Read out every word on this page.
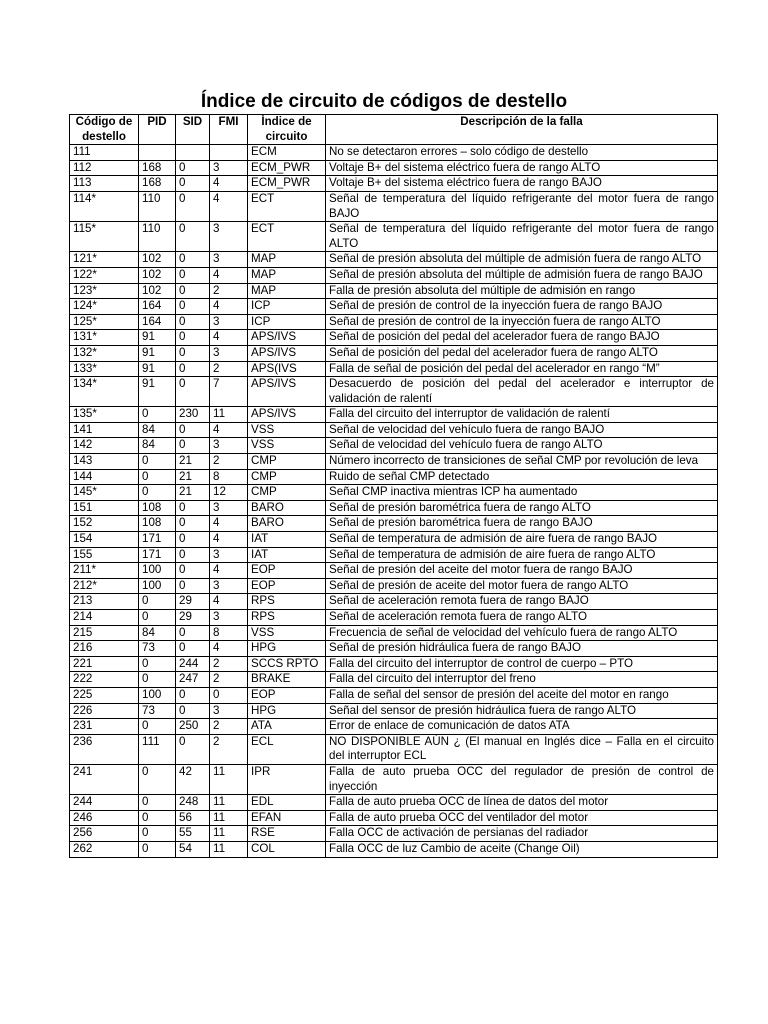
Índice de circuito de códigos de destello
Código de destello	PID	SID	FMI	Índice de circuito	Descripción de la falla
111				ECM	No se detectaron errores – solo código de destello
112	168	0	3	ECM_PWR	Voltaje B+ del sistema eléctrico fuera de rango ALTO
113	168	0	4	ECM_PWR	Voltaje B+ del sistema eléctrico fuera de rango BAJO
114*	110	0	4	ECT	Señal de temperatura del líquido refrigerante del motor fuera de rango BAJO
115*	110	0	3	ECT	Señal de temperatura del líquido refrigerante del motor fuera de rango ALTO
121*	102	0	3	MAP	Señal de presión absoluta del múltiple de admisión fuera de rango ALTO
122*	102	0	4	MAP	Señal de presión absoluta del múltiple de admisión fuera de rango BAJO
123*	102	0	2	MAP	Falla de presión absoluta del múltiple de admisión en rango
124*	164	0	4	ICP	Señal de presión de control de la inyección fuera de rango BAJO
125*	164	0	3	ICP	Señal de presión de control de la inyección fuera de rango ALTO
131*	91	0	4	APS/IVS	Señal de posición del pedal del acelerador fuera de rango BAJO
132*	91	0	3	APS/IVS	Señal de posición del pedal del acelerador fuera de rango ALTO
133*	91	0	2	APS(IVS	Falla de señal de posición del pedal del acelerador en rango “M”
134*	91	0	7	APS/IVS	Desacuerdo de posición del pedal del acelerador e interruptor de validación de ralentí
135*	0	230	11	APS/IVS	Falla del circuito del interruptor de validación de ralentí
141	84	0	4	VSS	Señal de velocidad del vehículo fuera de rango BAJO
142	84	0	3	VSS	Señal de velocidad del vehículo fuera de rango ALTO
143	0	21	2	CMP	Número incorrecto de transiciones de señal CMP por revolución de leva
144	0	21	8	CMP	Ruido de señal CMP detectado
145*	0	21	12	CMP	Señal CMP inactiva mientras ICP ha aumentado
151	108	0	3	BARO	Señal de presión barométrica fuera de rango ALTO
152	108	0	4	BARO	Señal de presión barométrica fuera de rango BAJO
154	171	0	4	IAT	Señal de temperatura de admisión de aire fuera de rango BAJO
155	171	0	3	IAT	Señal de temperatura de admisión de aire fuera de rango ALTO
211*	100	0	4	EOP	Señal de presión del aceite del motor fuera de rango BAJO
212*	100	0	3	EOP	Señal de presión de aceite del motor fuera de rango ALTO
213	0	29	4	RPS	Señal de aceleración remota fuera de rango BAJO
214	0	29	3	RPS	Señal de aceleración remota fuera de rango ALTO
215	84	0	8	VSS	Frecuencia de señal de velocidad del vehículo fuera de rango ALTO
216	73	0	4	HPG	Señal de presión hidráulica fuera de rango BAJO
221	0	244	2	SCCS RPTO	Falla del circuito del interruptor de control de cuerpo – PTO
222	0	247	2	BRAKE	Falla del circuito del interruptor del freno
225	100	0	0	EOP	Falla de señal del sensor de presión del aceite del motor en rango
226	73	0	3	HPG	Señal del sensor de presión hidráulica fuera de rango ALTO
231	0	250	2	ATA	Error de enlace de comunicación de datos ATA
236	111	0	2	ECL	NO DISPONIBLE AÚN ¿ (El manual en Inglés dice – Falla en el circuito del interruptor ECL
241	0	42	11	IPR	Falla de auto prueba OCC del regulador de presión de control de inyección
244	0	248	11	EDL	Falla de auto prueba OCC de línea de datos del motor
246	0	56	11	EFAN	Falla de auto prueba OCC del ventilador del motor
256	0	55	11	RSE	Falla OCC de activación de persianas del radiador
262	0	54	11	COL	Falla OCC de luz Cambio de aceite (Change Oil)
